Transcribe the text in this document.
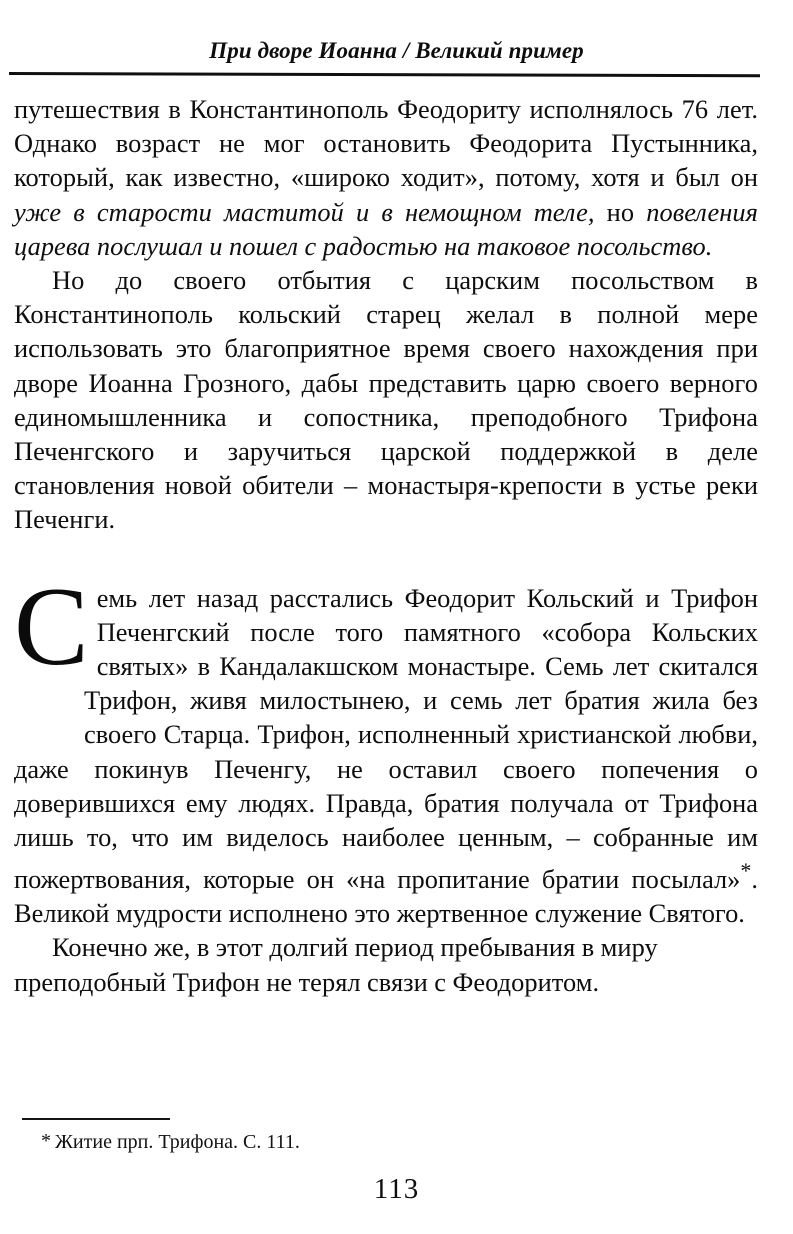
При дворе Иоанна / Великий пример

путешествия в Константинополь Феодориту исполнялось 76 лет. Однако возраст не мог остановить Феодорита Пустынника, который, как известно, «широко ходит», потому, хотя и был он уже в старости маститой и в немощном теле, но повеления царева послушал и пошел с радостью на таковое посольство.

Но до своего отбытия с царским посольством в Константинополь кольский старец желал в полной мере использовать это благоприятное время своего нахождения при дворе Иоанна Грозного, дабы представить царю своего верного единомышленника и сопостника, преподобного Трифона Печенгского и заручиться царской поддержкой в деле становления новой обители – монастыря-крепости в устье реки Печенги.

Семь лет назад расстались Феодорит Кольский и Трифон Печенгский после того памятного «собора Кольских святых» в Кандалакшском монастыре. Семь лет скитался Трифон, живя милостынею, и семь лет братия жила без своего Старца. Трифон, исполненный христианской любви, даже покинув Печенгу, не оставил своего попечения о доверившихся ему людях. Правда, братия получала от Трифона лишь то, что им виделось наиболее ценным, – собранные им пожертвования, которые он «на пропитание братии посылал»*. Великой мудрости исполнено это жертвенное служение Святого.

Конечно же, в этот долгий период пребывания в миру преподобный Трифон не терял связи с Феодоритом.

* Житие прп. Трифона. С. 111.
113
